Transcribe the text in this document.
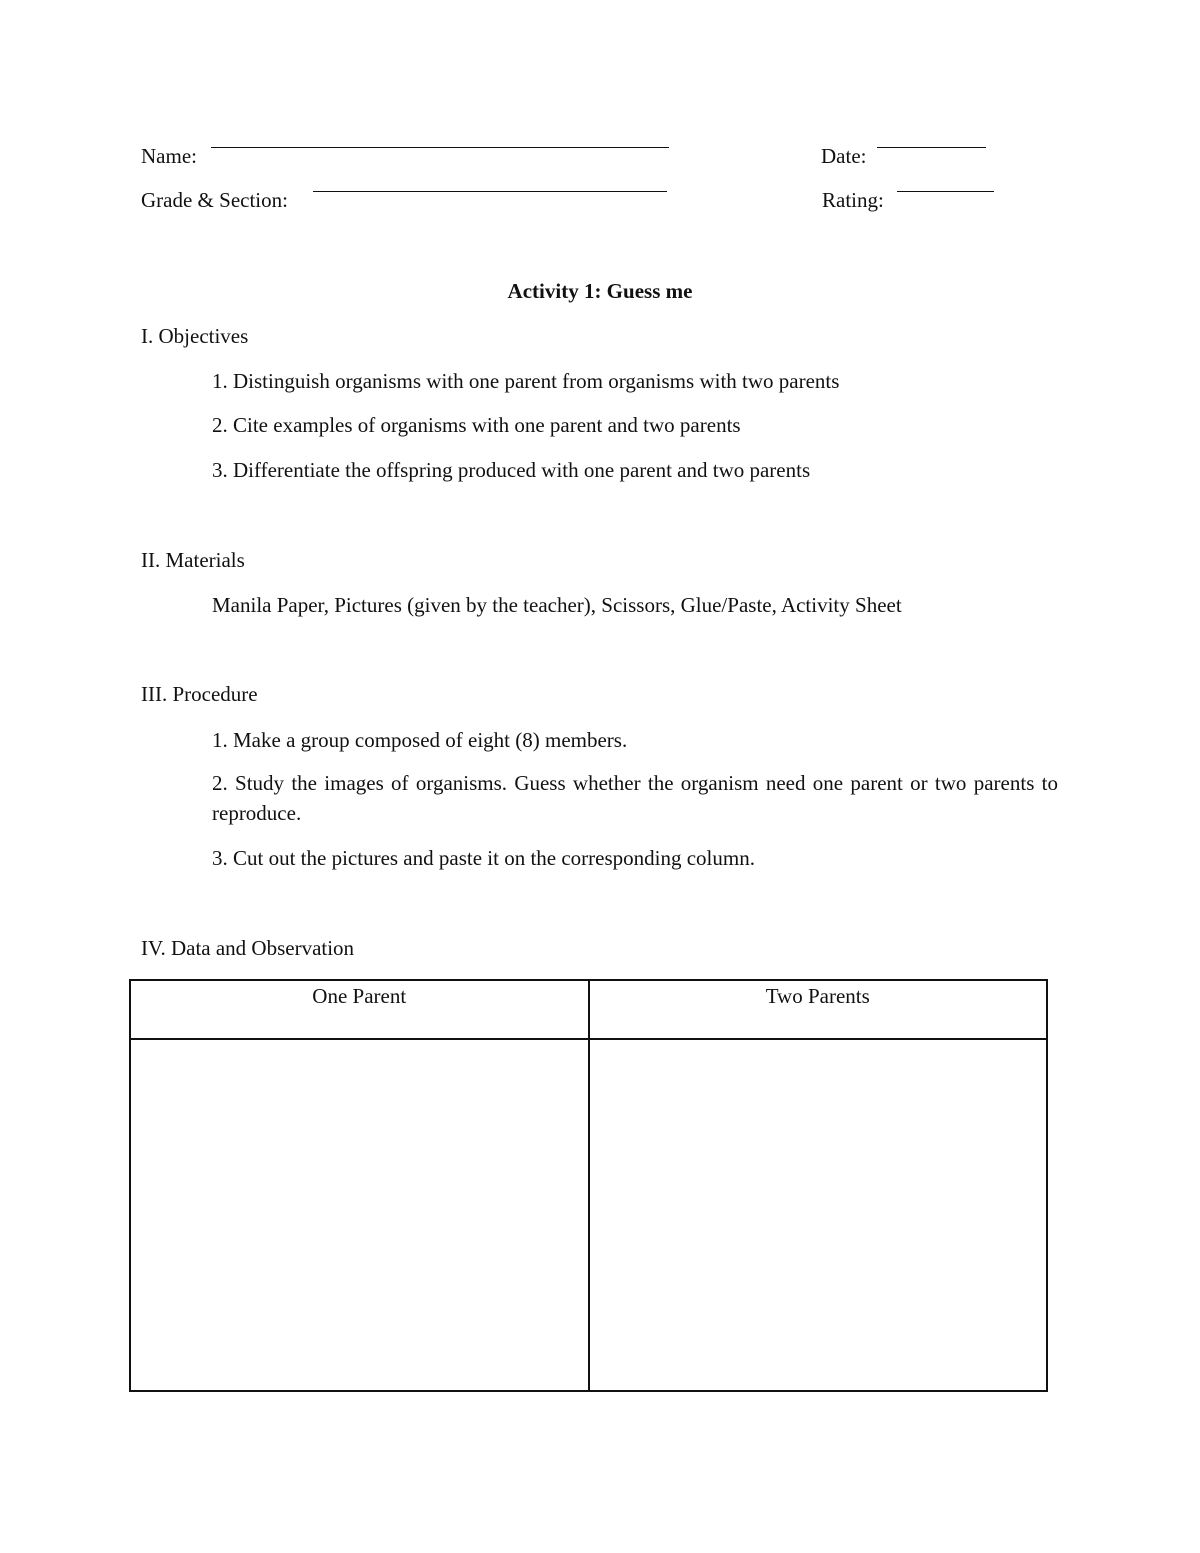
Name:	Date:
Grade & Section:	Rating:
Activity 1: Guess me
I. Objectives
1. Distinguish organisms with one parent from organisms with two parents
2. Cite examples of organisms with one parent and two parents
3. Differentiate the offspring produced with one parent and two parents
II. Materials
Manila Paper, Pictures (given by the teacher), Scissors, Glue/Paste, Activity Sheet
III. Procedure
1. Make a group composed of eight (8) members.
2. Study the images of organisms. Guess whether the organism need one parent or two parents to reproduce.
3. Cut out the pictures and paste it on the corresponding column.
IV. Data and Observation
One Parent	Two Parents
